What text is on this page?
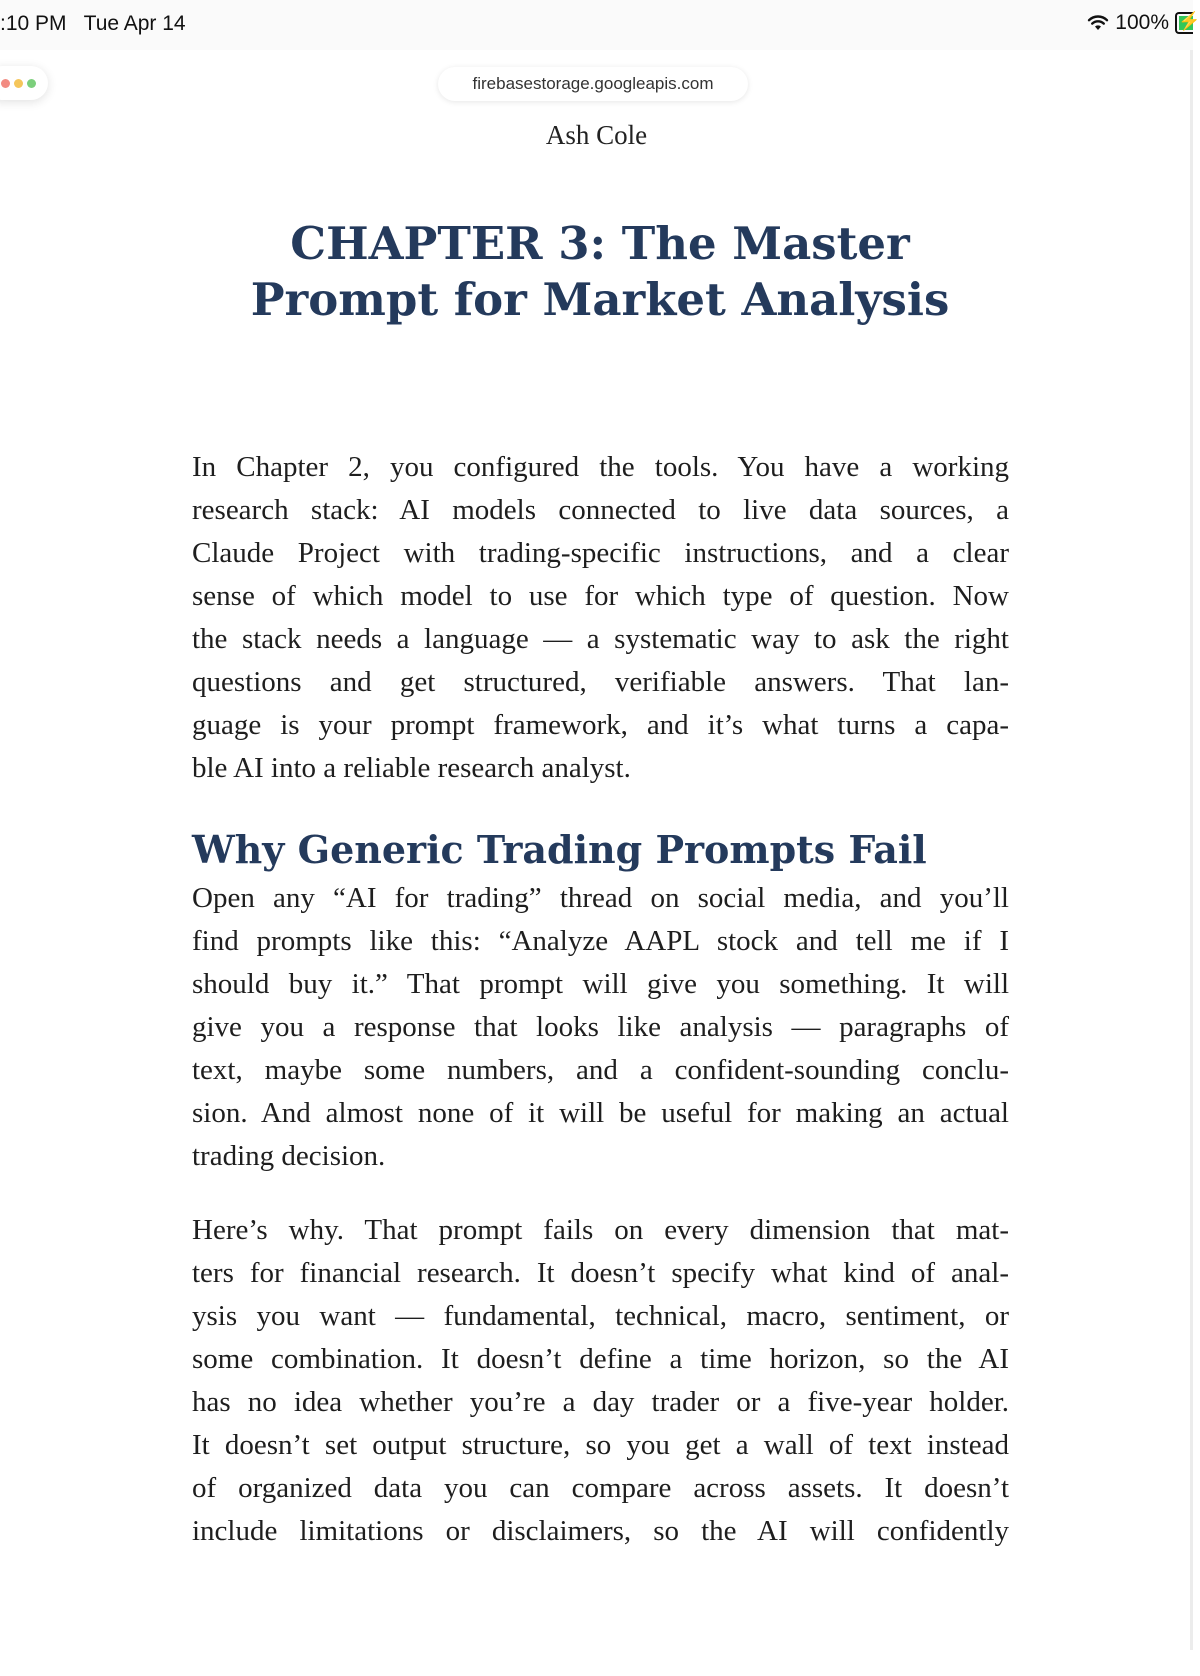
:10 PM Tue Apr 14	100% ⚡
firebasestorage.googleapis.com
Ash Cole
CHAPTER 3: The Master
Prompt for Market Analysis

In Chapter 2, you configured the tools. You have a working
research stack: AI models connected to live data sources, a
Claude Project with trading-specific instructions, and a clear
sense of which model to use for which type of question. Now
the stack needs a language — a systematic way to ask the right
questions and get structured, verifiable answers. That lan-
guage is your prompt framework, and it’s what turns a capa-
ble AI into a reliable research analyst.

Why Generic Trading Prompts Fail

Open any “AI for trading” thread on social media, and you’ll
find prompts like this: “Analyze AAPL stock and tell me if I
should buy it.” That prompt will give you something. It will
give you a response that looks like analysis — paragraphs of
text, maybe some numbers, and a confident-sounding conclu-
sion. And almost none of it will be useful for making an actual
trading decision.

Here’s why. That prompt fails on every dimension that mat-
ters for financial research. It doesn’t specify what kind of anal-
ysis you want — fundamental, technical, macro, sentiment, or
some combination. It doesn’t define a time horizon, so the AI
has no idea whether you’re a day trader or a five-year holder.
It doesn’t set output structure, so you get a wall of text instead
of organized data you can compare across assets. It doesn’t
include limitations or disclaimers, so the AI will confidently
